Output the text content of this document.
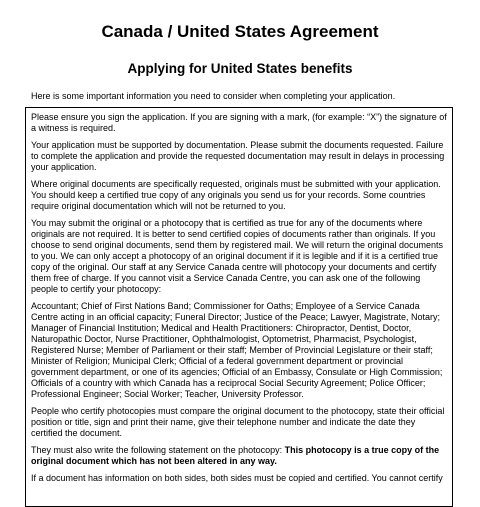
Canada / United States Agreement
Applying for United States benefits

Here is some important information you need to consider when completing your application.

Please ensure you sign the application. If you are signing with a mark, (for example: “X”) the signature of a witness is required.

Your application must be supported by documentation. Please submit the documents requested. Failure to complete the application and provide the requested documentation may result in delays in processing your application.

Where original documents are specifically requested, originals must be submitted with your application. You should keep a certified true copy of any originals you send us for your records. Some countries require original documentation which will not be returned to you.

You may submit the original or a photocopy that is certified as true for any of the documents where originals are not required. It is better to send certified copies of documents rather than originals. If you choose to send original documents, send them by registered mail. We will return the original documents to you. We can only accept a photocopy of an original document if it is legible and if it is a certified true copy of the original. Our staff at any Service Canada centre will photocopy your documents and certify them free of charge. If you cannot visit a Service Canada Centre, you can ask one of the following people to certify your photocopy:

Accountant; Chief of First Nations Band; Commissioner for Oaths; Employee of a Service Canada Centre acting in an official capacity; Funeral Director; Justice of the Peace; Lawyer, Magistrate, Notary; Manager of Financial Institution; Medical and Health Practitioners: Chiropractor, Dentist, Doctor, Naturopathic Doctor, Nurse Practitioner, Ophthalmologist, Optometrist, Pharmacist, Psychologist, Registered Nurse; Member of Parliament or their staff; Member of Provincial Legislature or their staff; Minister of Religion; Municipal Clerk; Official of a federal government department or provincial government department, or one of its agencies; Official of an Embassy, Consulate or High Commission; Officials of a country with which Canada has a reciprocal Social Security Agreement; Police Officer; Professional Engineer; Social Worker; Teacher, University Professor.

People who certify photocopies must compare the original document to the photocopy, state their official position or title, sign and print their name, give their telephone number and indicate the date they certified the document.

They must also write the following statement on the photocopy: This photocopy is a true copy of the original document which has not been altered in any way.

If a document has information on both sides, both sides must be copied and certified. You cannot certify
